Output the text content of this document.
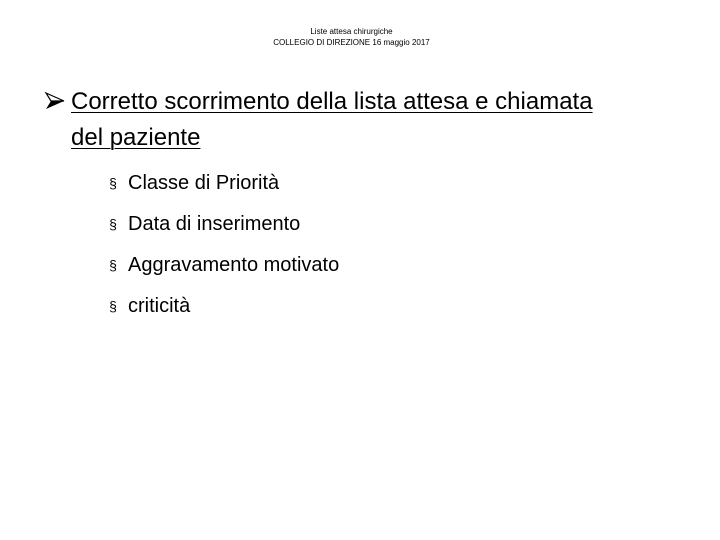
Liste attesa chirurgiche
COLLEGIO DI DIREZIONE 16 maggio 2017
Corretto scorrimento della lista attesa e chiamata del paziente
§ Classe di Priorità
§ Data di inserimento
§ Aggravamento motivato
§ criticità
